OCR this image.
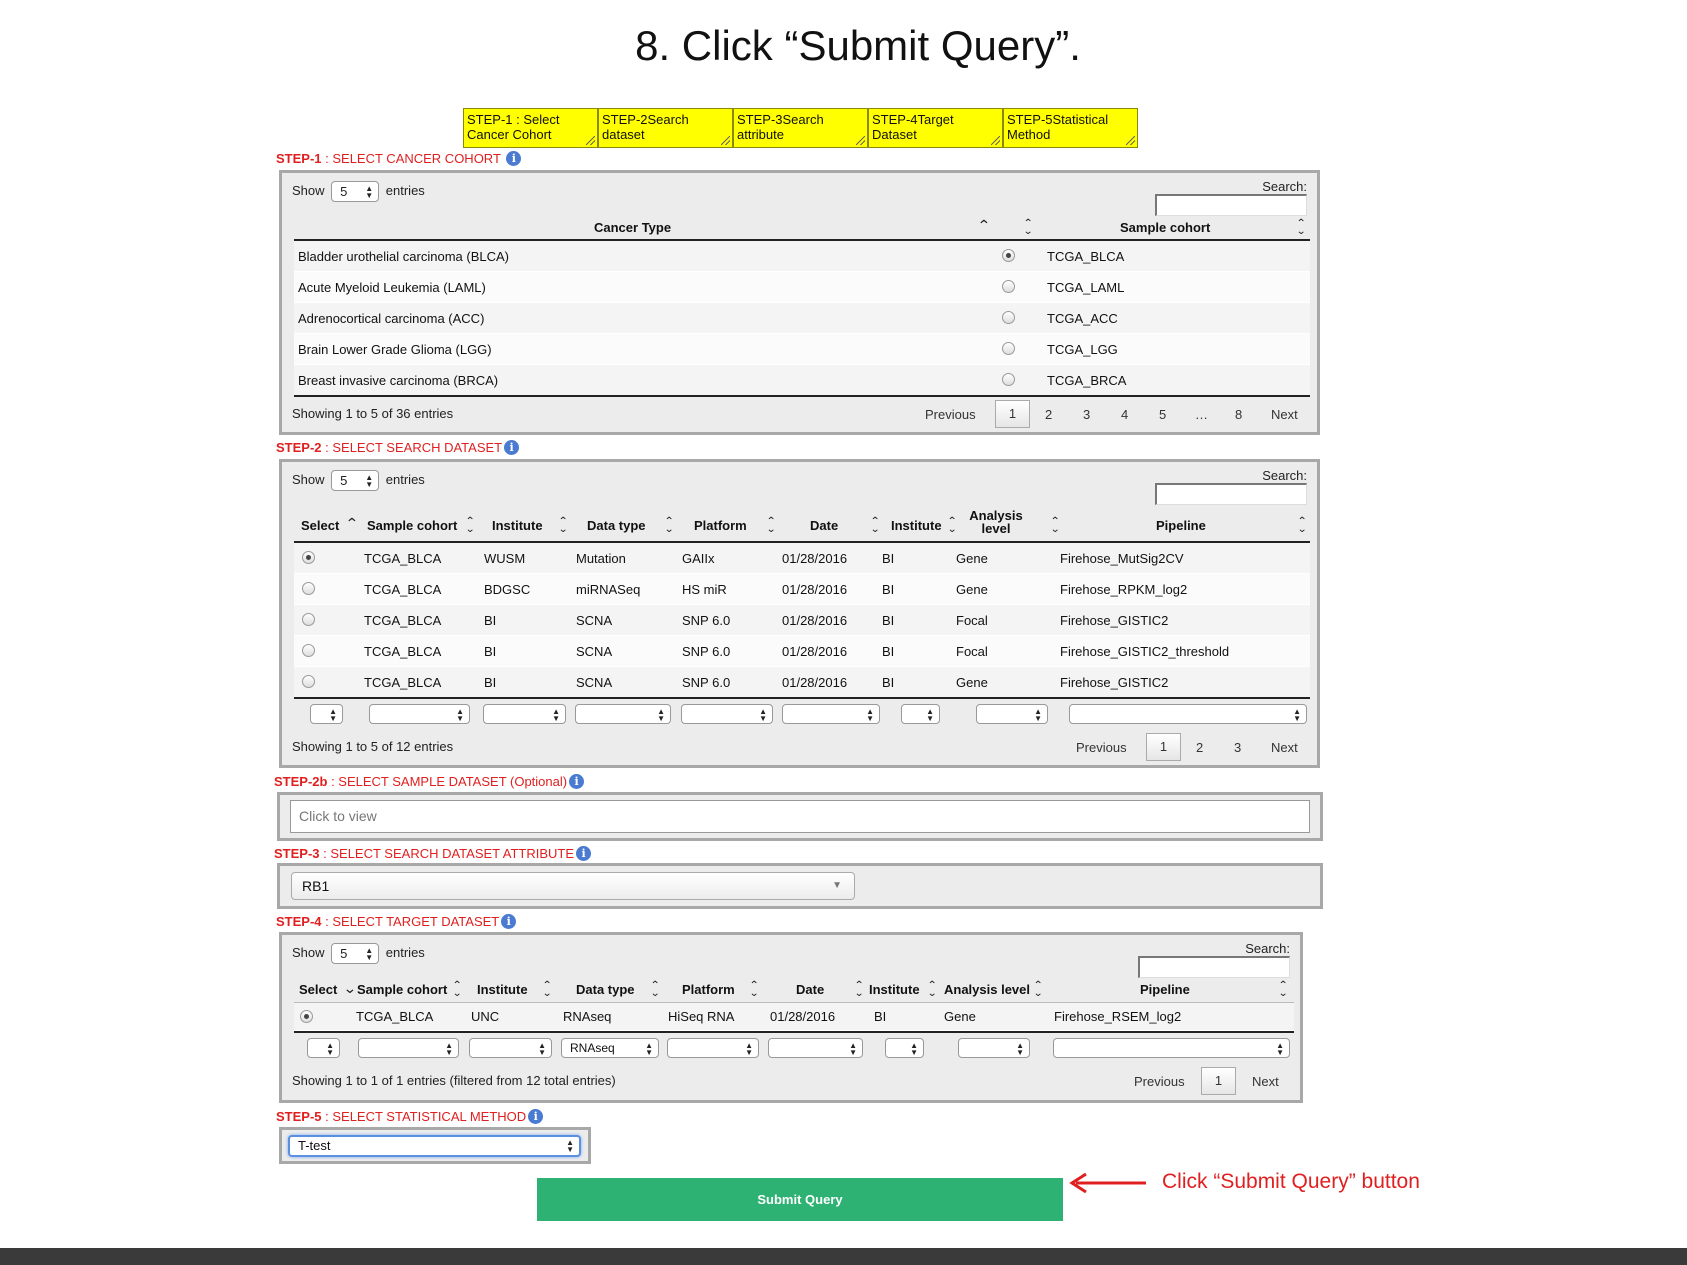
8. Click “Submit Query”.
STEP-1 : Select
Cancer Cohort
STEP-2Search
dataset
STEP-3Search
attribute
STEP-4Target
Dataset
STEP-5Statistical
Method
STEP-1 : SELECT CANCER COHORT i
Show 5 ▲
▼ entries	Search:
Cancer Type	⌃	⌃
⌄	Sample cohort	⌃
⌄
Bladder urothelial carcinoma (BLCA)	TCGA_BLCA
Acute Myeloid Leukemia (LAML)	TCGA_LAML
Adrenocortical carcinoma (ACC)	TCGA_ACC
Brain Lower Grade Glioma (LGG)	TCGA_LGG
Breast invasive carcinoma (BRCA)	TCGA_BRCA
Showing 1 to 5 of 36 entries	Previous	1	2 3 4 5 … 8 Next
STEP-2 : SELECT SEARCH DATASET i
Show 5 ▲
▼ entries	Search:
Select ⌃ Sample cohort ⌃
⌄ Institute ⌃
⌄ Data type ⌃
⌄ Platform ⌃
⌄	Date	⌃
⌄ Institute ⌃
⌄
Analysis level	⌃
⌄	Pipeline	⌃
⌄
TCGA_BLCA	WUSM	Mutation	GAIIx	01/28/2016	BI	Gene	Firehose_MutSig2CV
TCGA_BLCA	BDGSC	miRNASeq	HS miR	01/28/2016	BI	Gene	Firehose_RPKM_log2
TCGA_BLCA	BI	SCNA	SNP 6.0	01/28/2016	BI	Focal	Firehose_GISTIC2
TCGA_BLCA	BI	SCNA	SNP 6.0	01/28/2016	BI	Focal	Firehose_GISTIC2_threshold
TCGA_BLCA	BI	SCNA	SNP 6.0	01/28/2016	BI	Gene	Firehose_GISTIC2
▲
▼
▲
▼
▲
▼
▲
▼
▲
▼
▲
▼
▲
▼
▲
▼
▲
▼
Showing 1 to 5 of 12 entries	Previous	1	2 3 Next
STEP-2b : SELECT SAMPLE DATASET (Optional) i
Click to view
STEP-3 : SELECT SEARCH DATASET ATTRIBUTE i
RB1	▼
STEP-4 : SELECT TARGET DATASET i
Show 5 ▲
▼ entries	Search:
Select ⌄ Sample cohort ⌃
⌄ Institute ⌃
⌄ Data type ⌃
⌄ Platform ⌃
⌄	Date	⌃
⌄ Institute ⌃
⌄ Analysis level ⌃
⌄	Pipeline	⌃
⌄
TCGA_BLCA	UNC	RNAseq	HiSeq RNA	01/28/2016	BI	Gene	Firehose_RSEM_log2
▲
▼
▲
▼
▲
▼	RNAseq	▲
▼
▲
▼
▲
▼
▲
▼
▲
▼
▲
▼
Showing 1 to 1 of 1 entries (filtered from 12 total entries)	Previous	1	Next
STEP-5 : SELECT STATISTICAL METHOD i
T-test	▲
▼
Submit Query
Click “Submit Query” button
